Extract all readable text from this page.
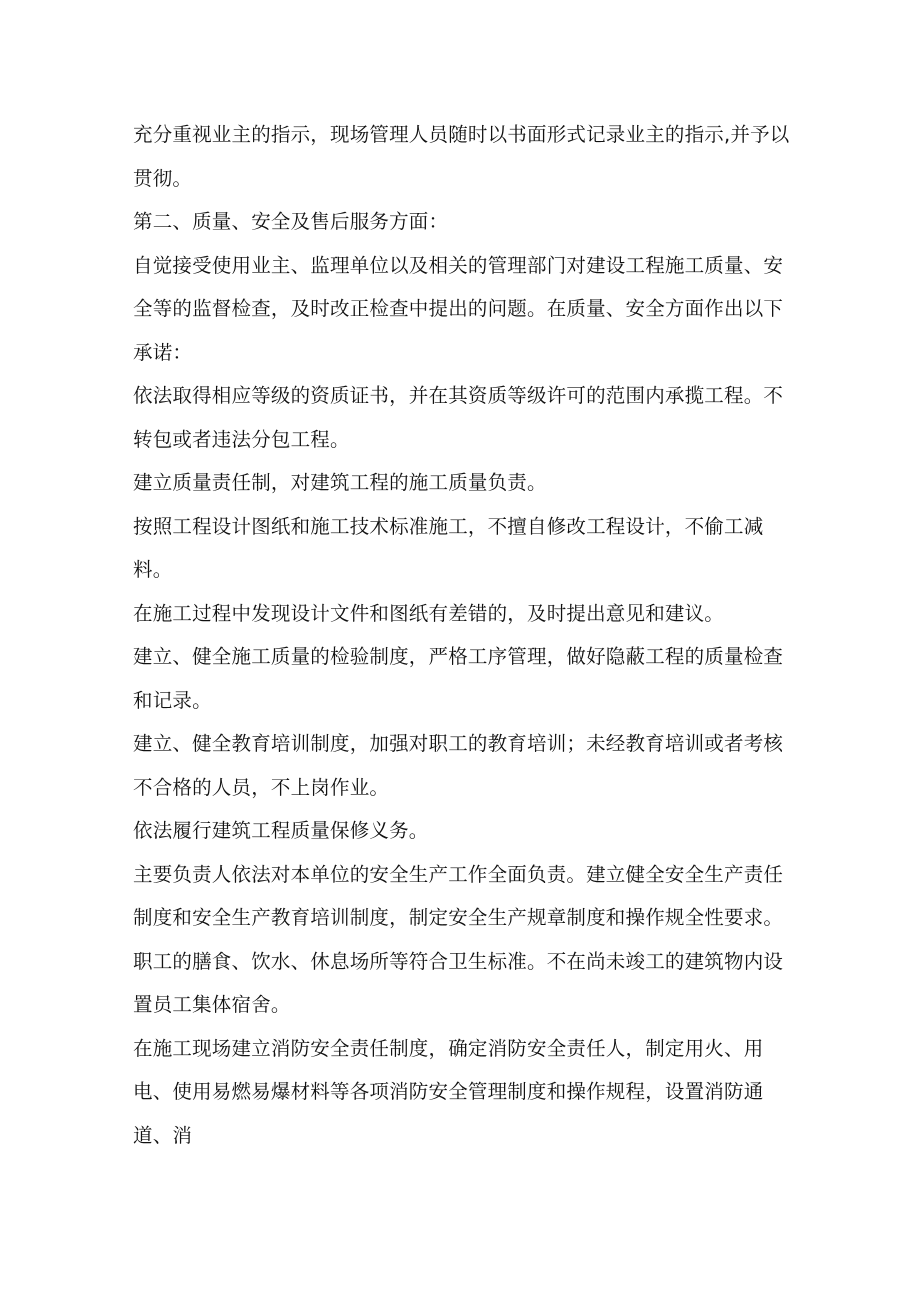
充分重视业主的指示，现场管理人员随时以书面形式记录业主的指示,并予以贯彻。

第二、质量、安全及售后服务方面：

自觉接受使用业主、监理单位以及相关的管理部门对建设工程施工质量、安全等的监督检查，及时改正检查中提出的问题。在质量、安全方面作出以下承诺：

依法取得相应等级的资质证书，并在其资质等级许可的范围内承揽工程。不转包或者违法分包工程。

建立质量责任制，对建筑工程的施工质量负责。

按照工程设计图纸和施工技术标准施工，不擅自修改工程设计，不偷工减料。

在施工过程中发现设计文件和图纸有差错的，及时提出意见和建议。

建立、健全施工质量的检验制度，严格工序管理，做好隐蔽工程的质量检查和记录。

建立、健全教育培训制度，加强对职工的教育培训；未经教育培训或者考核不合格的人员，不上岗作业。

依法履行建筑工程质量保修义务。

主要负责人依法对本单位的安全生产工作全面负责。建立健全安全生产责任制度和安全生产教育培训制度，制定安全生产规章制度和操作规全性要求。

职工的膳食、饮水、休息场所等符合卫生标准。不在尚未竣工的建筑物内设置员工集体宿舍。

在施工现场建立消防安全责任制度，确定消防安全责任人，制定用火、用电、使用易燃易爆材料等各项消防安全管理制度和操作规程，设置消防通道、消
